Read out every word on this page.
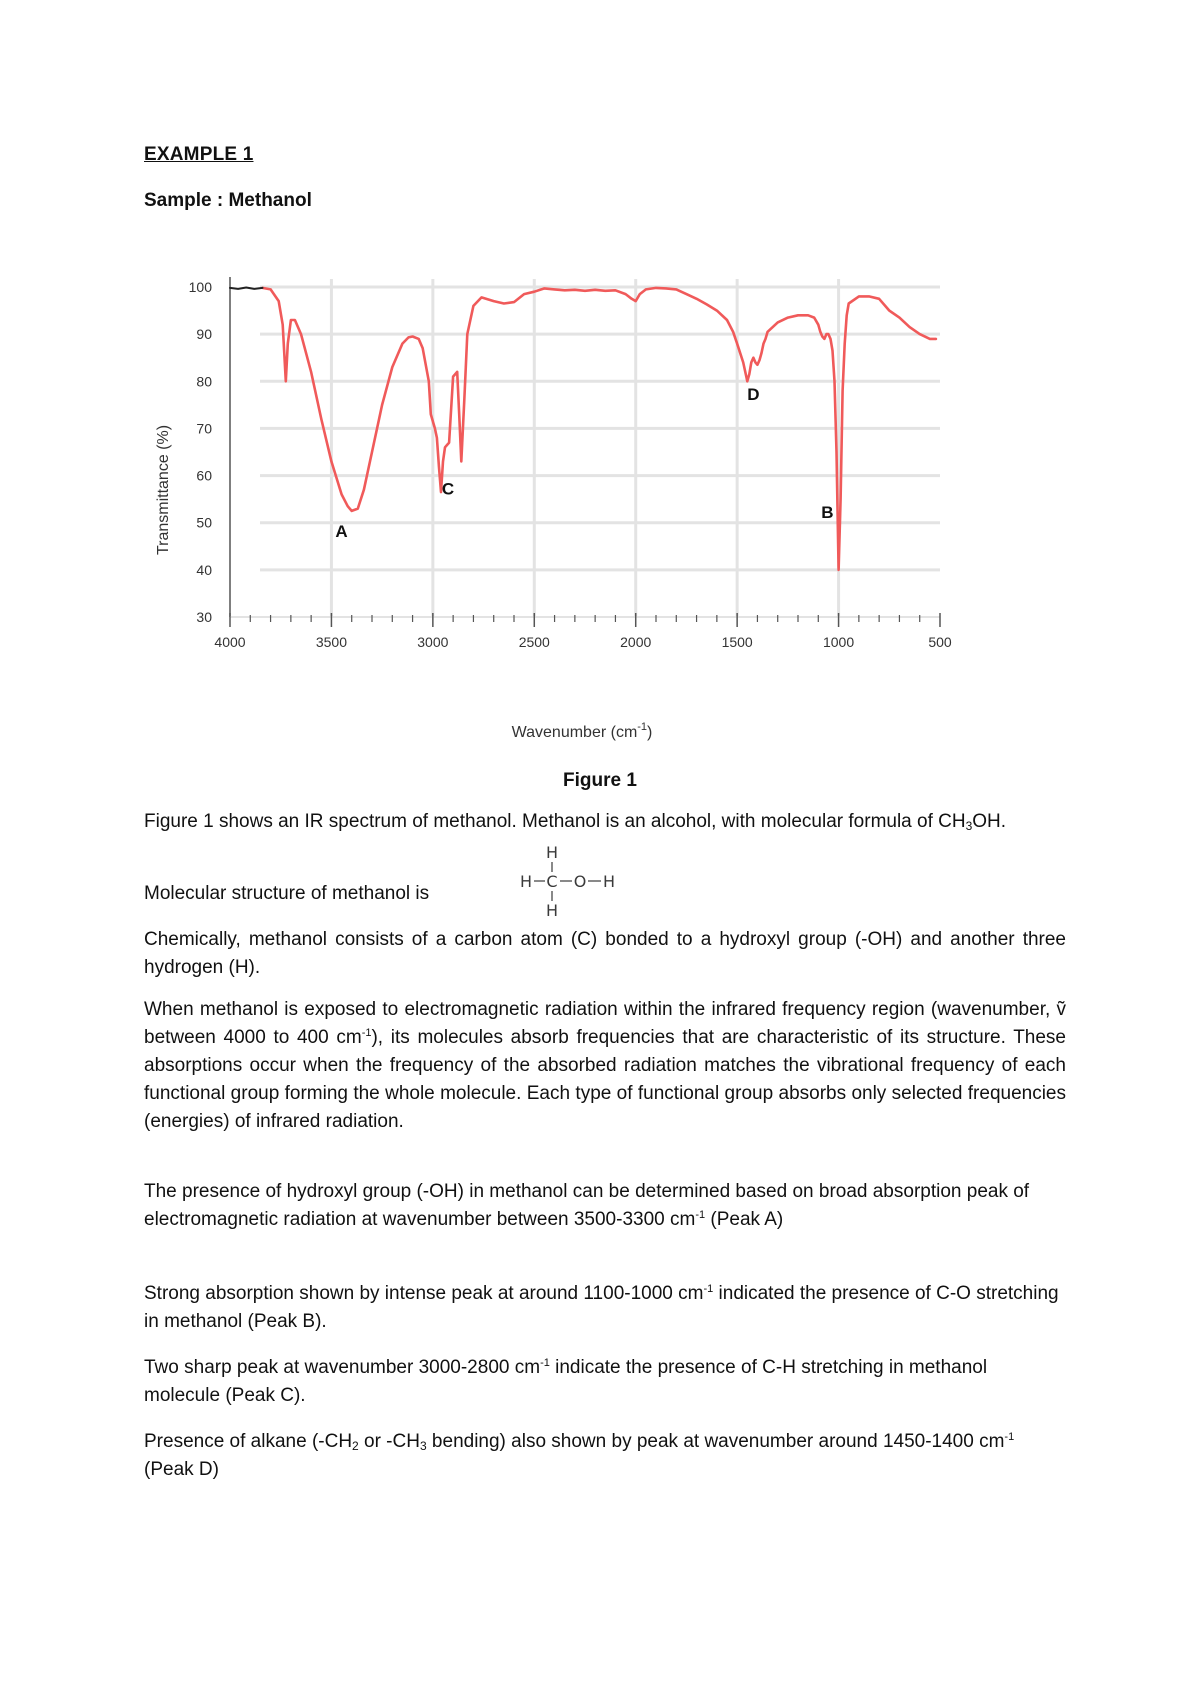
EXAMPLE 1

Sample : Methanol

30
40
50
60
70
80
90
100
4000	3500	3000	2500	2000	1500	1000	500
A
C
D
B
Transmittance (%)
Wavenumber $(cm^{-1})$

Figure 1

Figure 1 shows an IR spectrum of methanol. Methanol is an alcohol, with molecular formula of $CH_3OH$.

Molecular structure of methanol is

H
H C O H
H

Chemically, methanol consists of a carbon atom (C) bonded to a hydroxyl group (-OH) and another three hydrogen (H).

When methanol is exposed to electromagnetic radiation within the infrared frequency region (wavenumber, ṽ between 4000 to 400 $cm^{-1}$), its molecules absorb frequencies that are characteristic of its structure. These absorptions occur when the frequency of the absorbed radiation matches the vibrational frequency of each functional group forming the whole molecule. Each type of functional group absorbs only selected frequencies (energies) of infrared radiation.

The presence of hydroxyl group (-OH) in methanol can be determined based on broad absorption peak of electromagnetic radiation at wavenumber between 3500-3300 $cm^{-1}$ (Peak A)

Strong absorption shown by intense peak at around 1100-1000 $cm^{-1}$ indicated the presence of C-O stretching in methanol (Peak B).

Two sharp peak at wavenumber 3000-2800 $cm^{-1}$ indicate the presence of C-H stretching in methanol molecule (Peak C).

Presence of alkane ($-CH_2$ or $-CH_3$ bending) also shown by peak at wavenumber around 1450-1400 $cm^{-1}$ (Peak D)
